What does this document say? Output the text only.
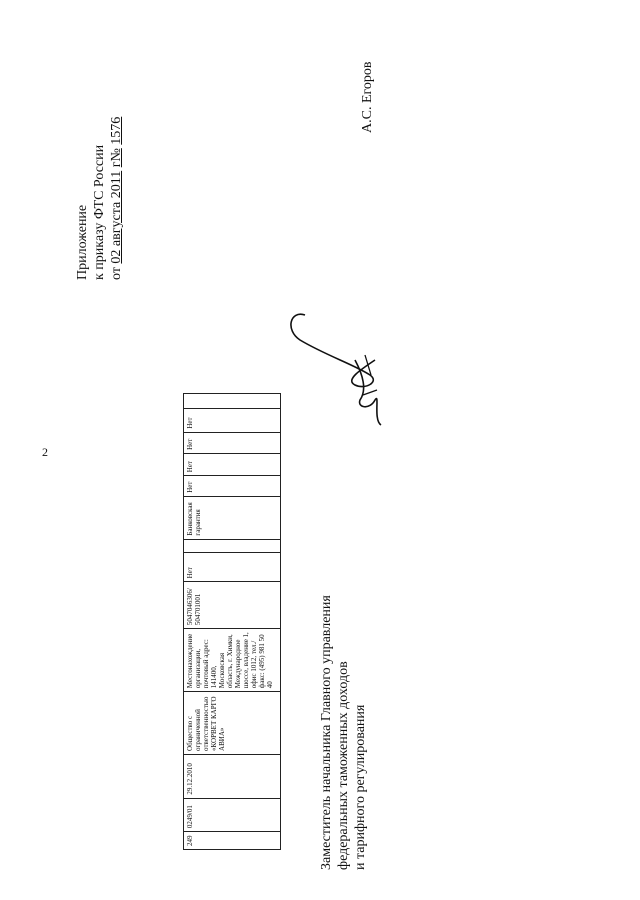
2
Приложение к приказу ФТС России от 02 августа 2011 г№ 1576
249	0249/01	29.12.2010	Общество с ограниченной ответственностью «КОРВЕТ КАРГО АВИА»	Местонахождение организации, почтовый адрес: 141400, Московская область, г. Химки, Международное шоссе, владение 1, офис 1012, тел./факс: (495) 981 50 40	5047046306/ 504701001	Нет		Банковская гарантия	Нет	Нет	Нет	Нет	
Заместитель начальника Главного управления федеральных таможенных доходов и тарифного регулирования
А.С. Егоров
